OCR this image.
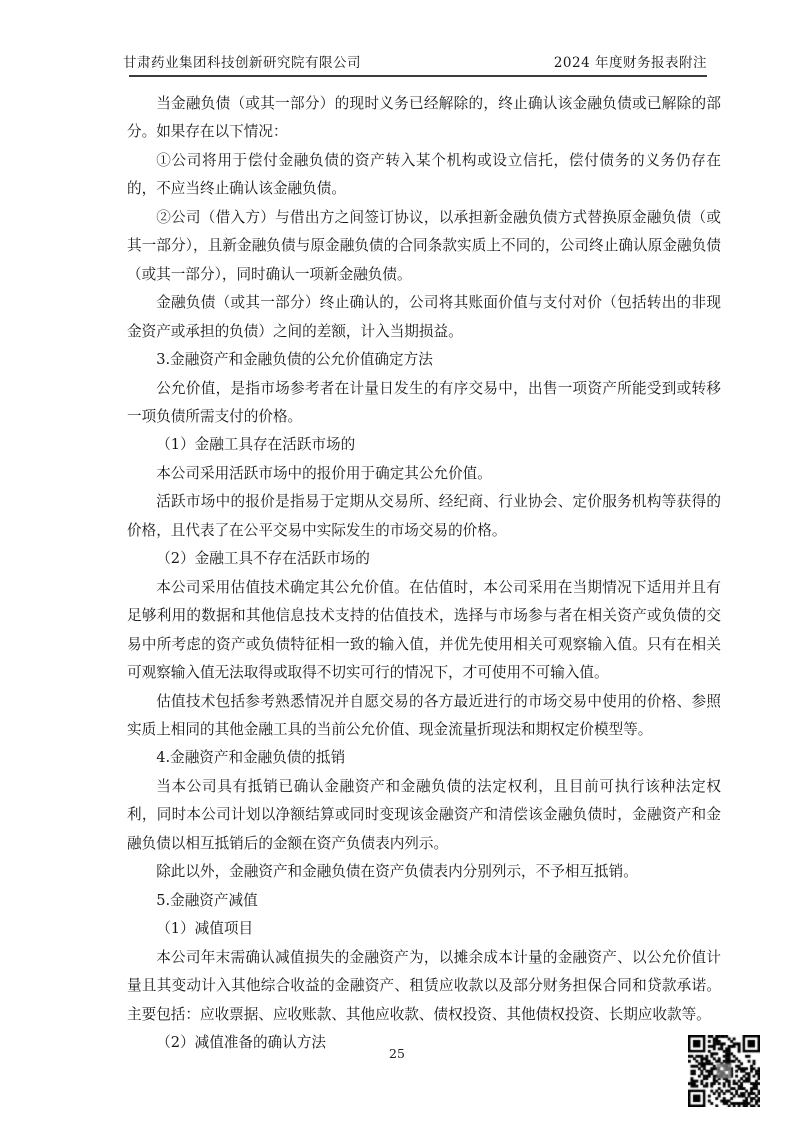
甘肃药业集团科技创新研究院有限公司	2024 年度财务报表附注

当金融负债（或其一部分）的现时义务已经解除的，终止确认该金融负债或已解除的部分。如果存在以下情况：

①公司将用于偿付金融负债的资产转入某个机构或设立信托，偿付债务的义务仍存在的，不应当终止确认该金融负债。

②公司（借入方）与借出方之间签订协议，以承担新金融负债方式替换原金融负债（或其一部分），且新金融负债与原金融负债的合同条款实质上不同的，公司终止确认原金融负债（或其一部分），同时确认一项新金融负债。

金融负债（或其一部分）终止确认的，公司将其账面价值与支付对价（包括转出的非现金资产或承担的负债）之间的差额，计入当期损益。

3.金融资产和金融负债的公允价值确定方法

公允价值，是指市场参考者在计量日发生的有序交易中，出售一项资产所能受到或转移一项负债所需支付的价格。

（1）金融工具存在活跃市场的

本公司采用活跃市场中的报价用于确定其公允价值。

活跃市场中的报价是指易于定期从交易所、经纪商、行业协会、定价服务机构等获得的价格，且代表了在公平交易中实际发生的市场交易的价格。

（2）金融工具不存在活跃市场的

本公司采用估值技术确定其公允价值。在估值时，本公司采用在当期情况下适用并且有足够利用的数据和其他信息技术支持的估值技术，选择与市场参与者在相关资产或负债的交易中所考虑的资产或负债特征相一致的输入值，并优先使用相关可观察输入值。只有在相关可观察输入值无法取得或取得不切实可行的情况下，才可使用不可输入值。

估值技术包括参考熟悉情况并自愿交易的各方最近进行的市场交易中使用的价格、参照实质上相同的其他金融工具的当前公允价值、现金流量折现法和期权定价模型等。

4.金融资产和金融负债的抵销

当本公司具有抵销已确认金融资产和金融负债的法定权利，且目前可执行该种法定权利，同时本公司计划以净额结算或同时变现该金融资产和清偿该金融负债时，金融资产和金融负债以相互抵销后的金额在资产负债表内列示。

除此以外，金融资产和金融负债在资产负债表内分别列示，不予相互抵销。

5.金融资产减值

（1）减值项目

本公司年末需确认减值损失的金融资产为，以摊余成本计量的金融资产、以公允价值计量且其变动计入其他综合收益的金融资产、租赁应收款以及部分财务担保合同和贷款承诺。主要包括：应收票据、应收账款、其他应收款、债权投资、其他债权投资、长期应收款等。

（2）减值准备的确认方法

25
